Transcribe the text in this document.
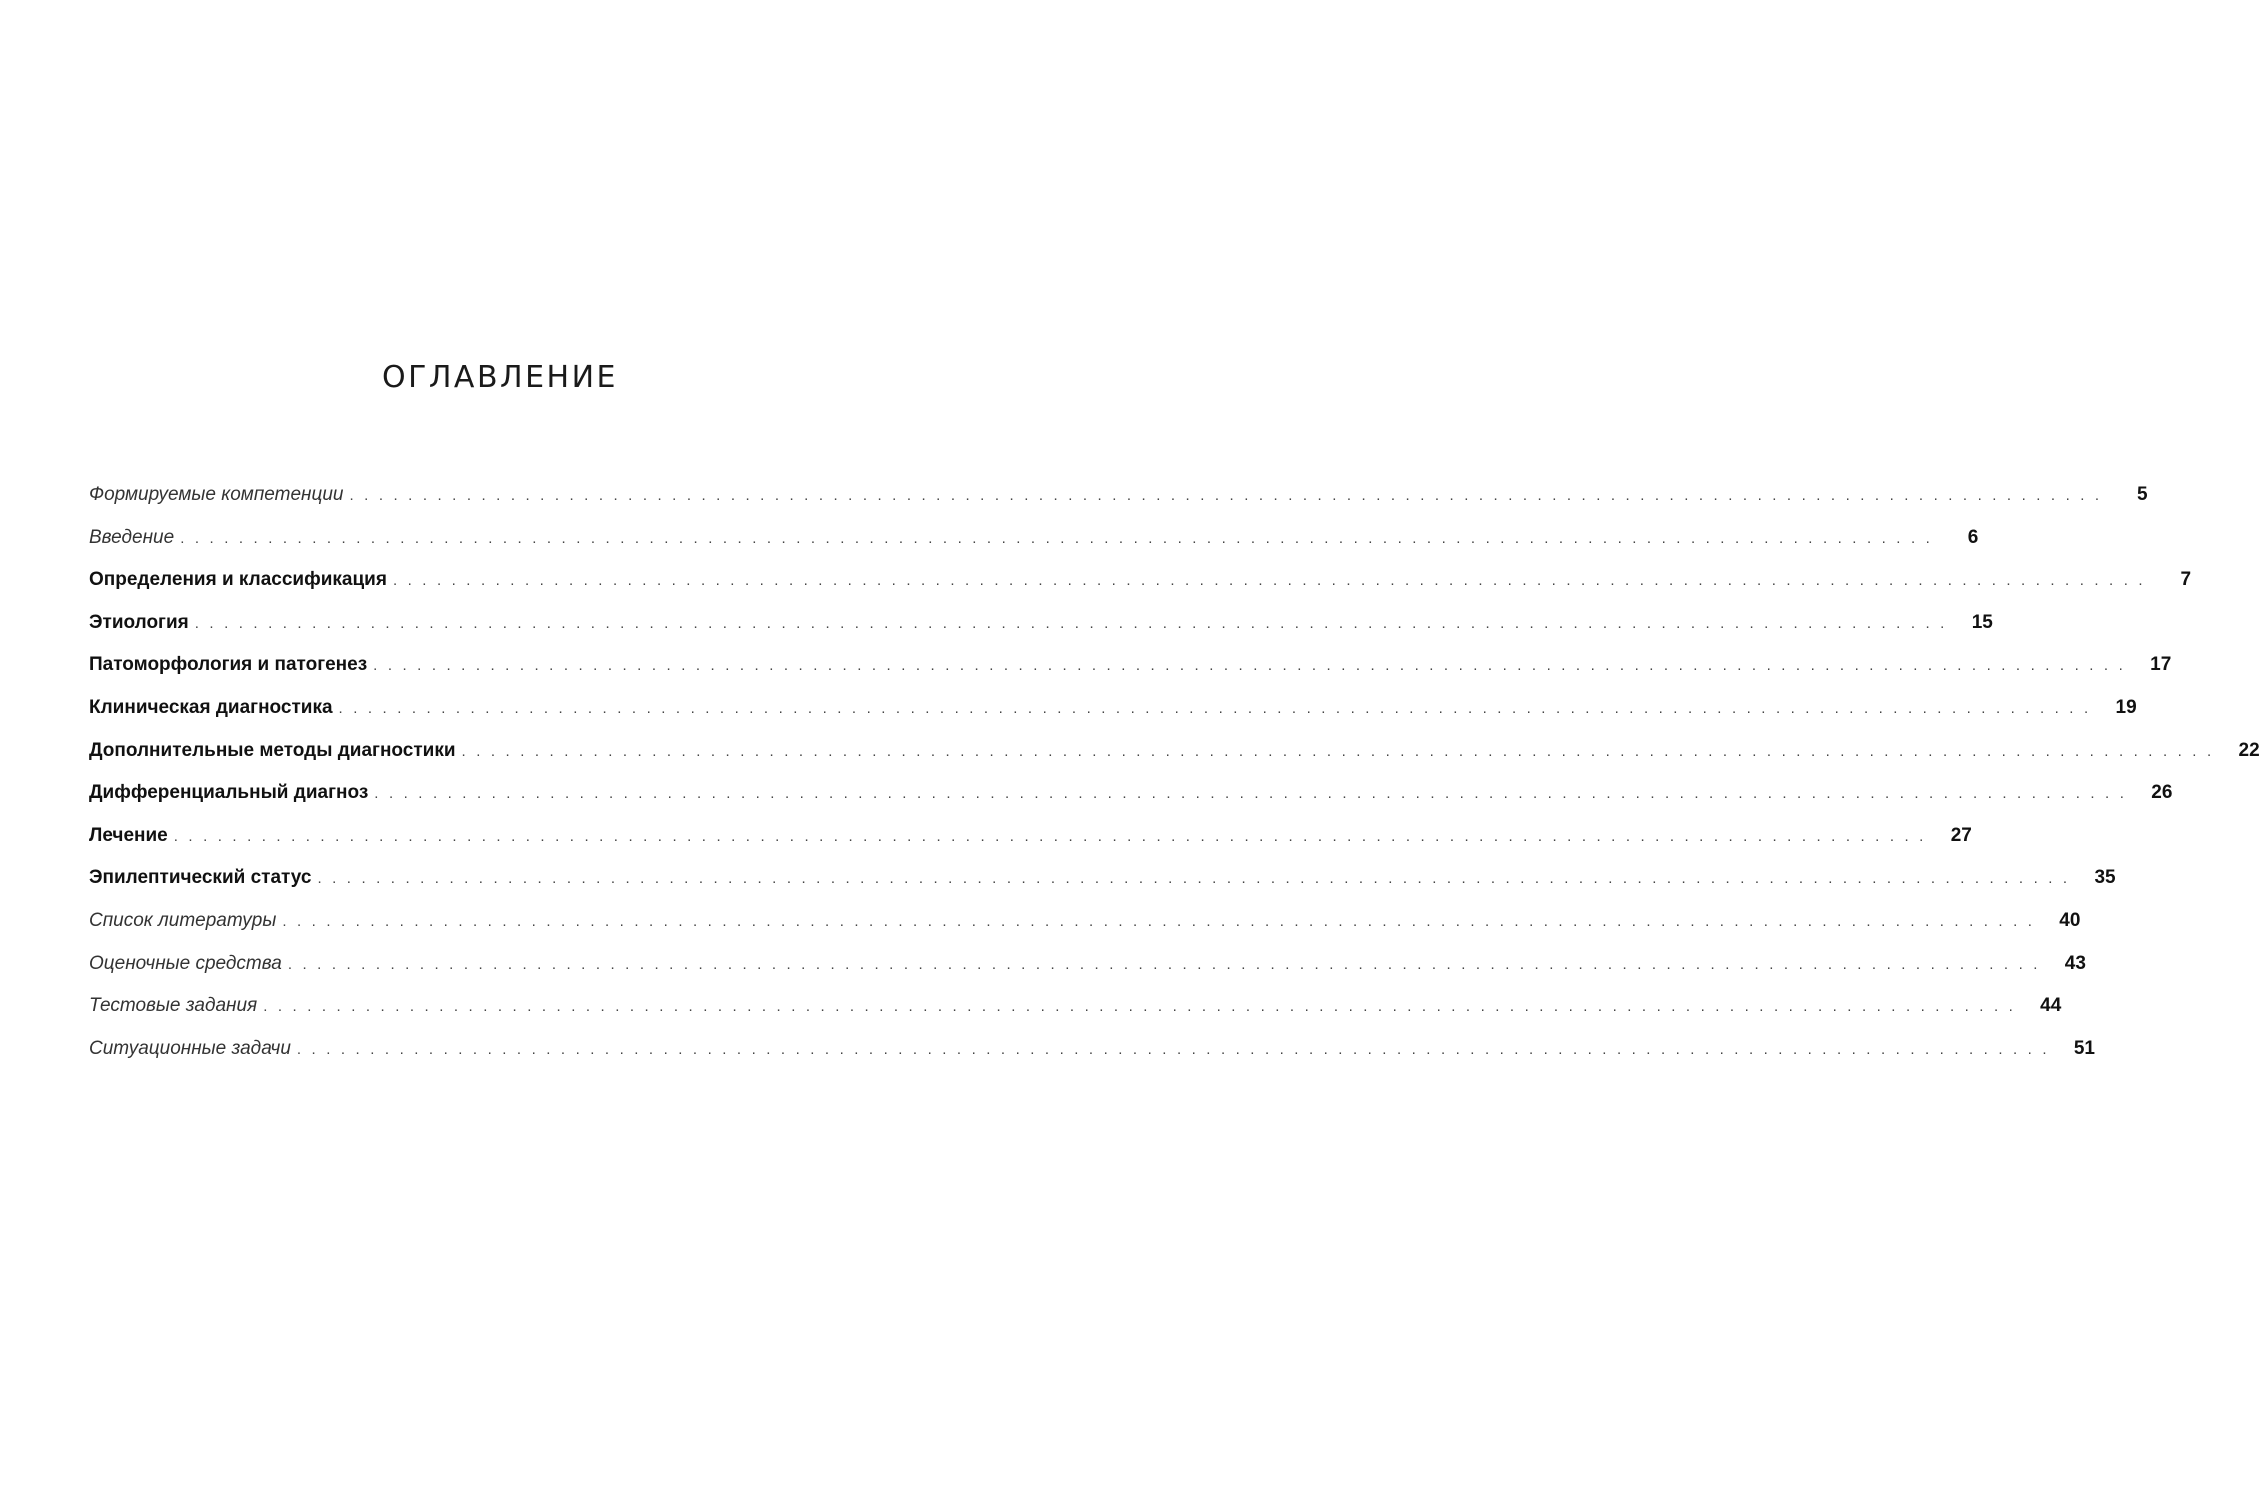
ОГЛАВЛЕНИЕ
Формируемые компетенции ........................................................................................................................	5
Введение ........................................................................................................................	6
Определения и классификация ........................................................................................................................	7
Этиология ........................................................................................................................ 15
Патоморфология и патогенез ........................................................................................................................ 17
Клиническая диагностика ........................................................................................................................ 19
Дополнительные методы диагностики ........................................................................................................................ 22
Дифференциальный диагноз ........................................................................................................................ 26
Лечение ........................................................................................................................ 27
Эпилептический статус ........................................................................................................................ 35
Список литературы ........................................................................................................................ 40
Оценочные средства ........................................................................................................................ 43
Тестовые задания ........................................................................................................................ 44
Ситуационные задачи ........................................................................................................................ 51
